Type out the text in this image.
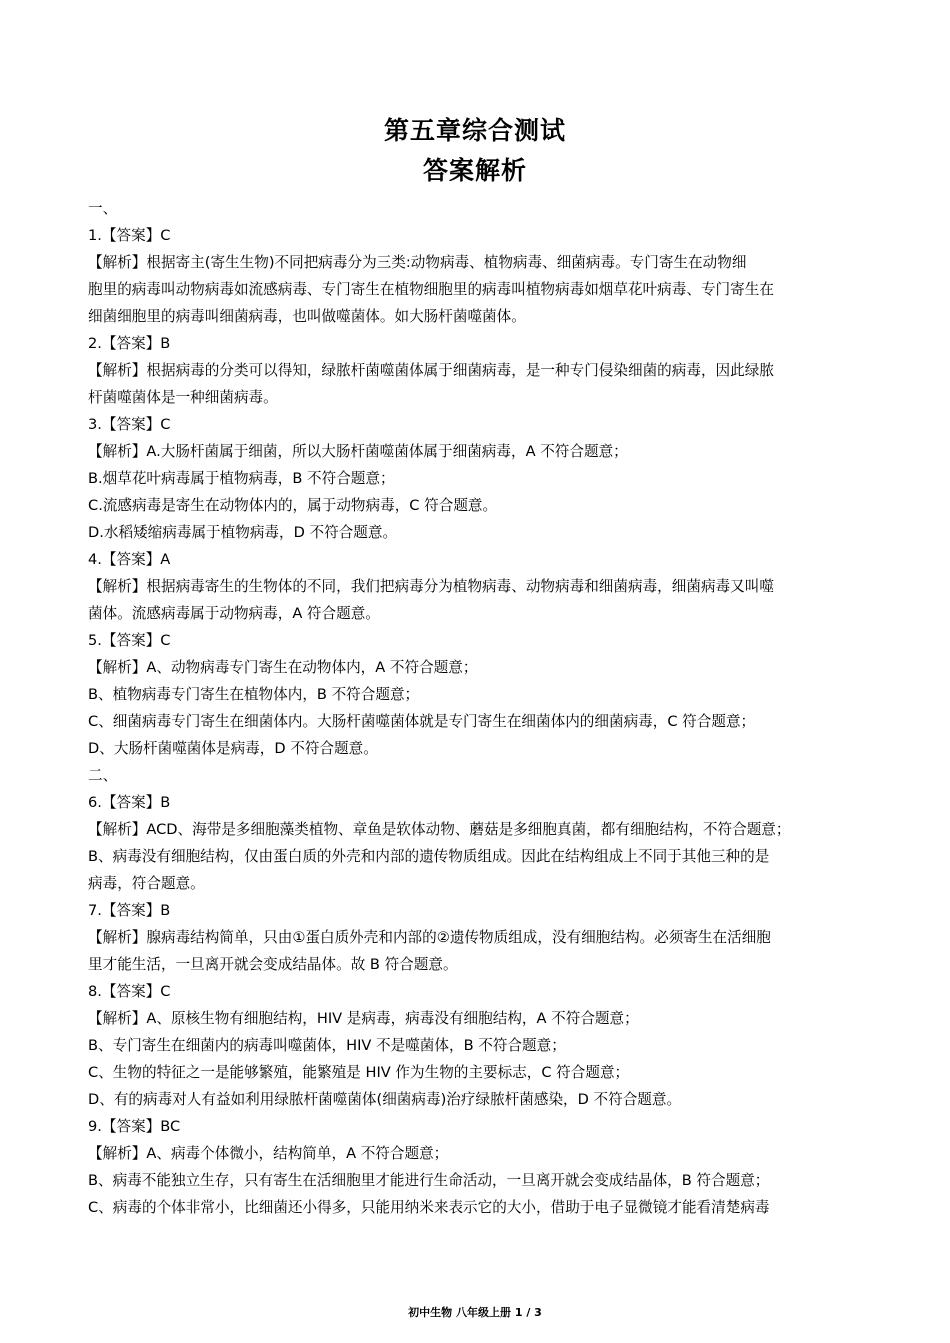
第五章综合测试
答案解析
一、
1.【答案】C
【解析】根据寄主(寄生生物)不同把病毒分为三类:动物病毒、植物病毒、细菌病毒。专门寄生在动物细
胞里的病毒叫动物病毒如流感病毒、专门寄生在植物细胞里的病毒叫植物病毒如烟草花叶病毒、专门寄生在
细菌细胞里的病毒叫细菌病毒，也叫做噬菌体。如大肠杆菌噬菌体。
2.【答案】B
【解析】根据病毒的分类可以得知，绿脓杆菌噬菌体属于细菌病毒，是一种专门侵染细菌的病毒，因此绿脓
杆菌噬菌体是一种细菌病毒。
3.【答案】C
【解析】A.大肠杆菌属于细菌，所以大肠杆菌噬菌体属于细菌病毒，A 不符合题意；
B.烟草花叶病毒属于植物病毒，B 不符合题意；
C.流感病毒是寄生在动物体内的，属于动物病毒，C 符合题意。
D.水稻矮缩病毒属于植物病毒，D 不符合题意。
4.【答案】A
【解析】根据病毒寄生的生物体的不同，我们把病毒分为植物病毒、动物病毒和细菌病毒，细菌病毒又叫噬
菌体。流感病毒属于动物病毒，A 符合题意。
5.【答案】C
【解析】A、动物病毒专门寄生在动物体内，A 不符合题意；
B、植物病毒专门寄生在植物体内，B 不符合题意；
C、细菌病毒专门寄生在细菌体内。大肠杆菌噬菌体就是专门寄生在细菌体内的细菌病毒，C 符合题意；
D、大肠杆菌噬菌体是病毒，D 不符合题意。
二、
6.【答案】B
【解析】ACD、海带是多细胞藻类植物、章鱼是软体动物、蘑菇是多细胞真菌，都有细胞结构，不符合题意；
B、病毒没有细胞结构，仅由蛋白质的外壳和内部的遗传物质组成。因此在结构组成上不同于其他三种的是
病毒，符合题意。
7.【答案】B
【解析】腺病毒结构简单，只由①蛋白质外壳和内部的②遗传物质组成，没有细胞结构。必须寄生在活细胞
里才能生活，一旦离开就会变成结晶体。故 B 符合题意。
8.【答案】C
【解析】A、原核生物有细胞结构，HIV 是病毒，病毒没有细胞结构，A 不符合题意；
B、专门寄生在细菌内的病毒叫噬菌体，HIV 不是噬菌体，B 不符合题意；
C、生物的特征之一是能够繁殖，能繁殖是 HIV 作为生物的主要标志，C 符合题意；
D、有的病毒对人有益如利用绿脓杆菌噬菌体(细菌病毒)治疗绿脓杆菌感染，D 不符合题意。
9.【答案】BC
【解析】A、病毒个体微小，结构简单，A 不符合题意；
B、病毒不能独立生存，只有寄生在活细胞里才能进行生命活动，一旦离开就会变成结晶体，B 符合题意；
C、病毒的个体非常小，比细菌还小得多，只能用纳米来表示它的大小，借助于电子显微镜才能看清楚病毒
初中生物 八年级上册 1 / 3
